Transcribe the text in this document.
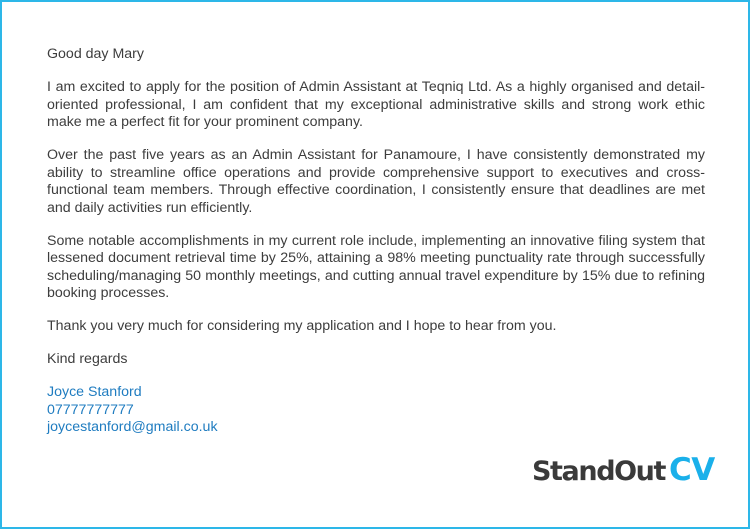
Good day Mary

I am excited to apply for the position of Admin Assistant at Teqniq Ltd. As a highly organised and detail-oriented professional, I am confident that my exceptional administrative skills and strong work ethic make me a perfect fit for your prominent company.

Over the past five years as an Admin Assistant for Panamoure, I have consistently demonstrated my ability to streamline office operations and provide comprehensive support to executives and cross-functional team members. Through effective coordination, I consistently ensure that deadlines are met and daily activities run efficiently.

Some notable accomplishments in my current role include, implementing an innovative filing system that lessened document retrieval time by 25%, attaining a 98% meeting punctuality rate through successfully scheduling/managing 50 monthly meetings, and cutting annual travel expenditure by 15% due to refining booking processes.

Thank you very much for considering my application and I hope to hear from you.

Kind regards

Joyce Stanford
07777777777
joycestanford@gmail.co.uk
StandOut CV
